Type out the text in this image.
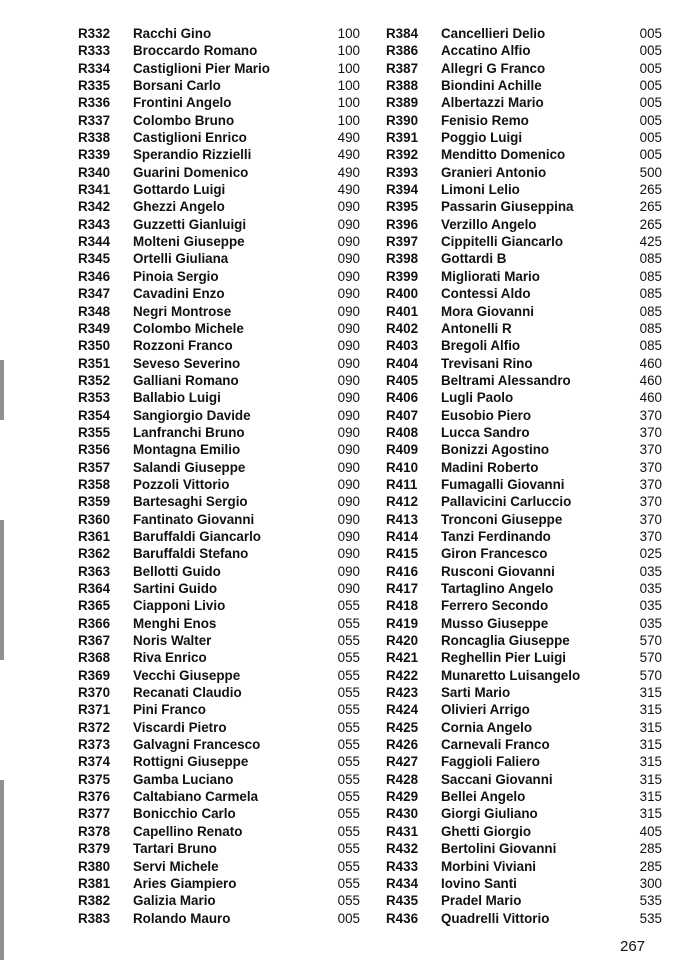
R332 Racchi Gino	100
R333 Broccardo Romano	100
R334 Castiglioni Pier Mario	100
R335 Borsani Carlo	100
R336 Frontini Angelo	100
R337 Colombo Bruno	100
R338 Castiglioni Enrico	490
R339 Sperandio Rizzielli	490
R340 Guarini Domenico	490
R341 Gottardo Luigi	490
R342 Ghezzi Angelo	090
R343 Guzzetti Gianluigi	090
R344 Molteni Giuseppe	090
R345 Ortelli Giuliana	090
R346 Pinoia Sergio	090
R347 Cavadini Enzo	090
R348 Negri Montrose	090
R349 Colombo Michele	090
R350 Rozzoni Franco	090
R351 Seveso Severino	090
R352 Galliani Romano	090
R353 Ballabio Luigi	090
R354 Sangiorgio Davide	090
R355 Lanfranchi Bruno	090
R356 Montagna Emilio	090
R357 Salandi Giuseppe	090
R358 Pozzoli Vittorio	090
R359 Bartesaghi Sergio	090
R360 Fantinato Giovanni	090
R361 Baruffaldi Giancarlo	090
R362 Baruffaldi Stefano	090
R363 Bellotti Guido	090
R364 Sartini Guido	090
R365 Ciapponi Livio	055
R366 Menghi Enos	055
R367 Noris Walter	055
R368 Riva Enrico	055
R369 Vecchi Giuseppe	055
R370 Recanati Claudio	055
R371 Pini Franco	055
R372 Viscardi Pietro	055
R373 Galvagni Francesco	055
R374 Rottigni Giuseppe	055
R375 Gamba Luciano	055
R376 Caltabiano Carmela	055
R377 Bonicchio Carlo	055
R378 Capellino Renato	055
R379 Tartari Bruno	055
R380 Servi Michele	055
R381 Aries Giampiero	055
R382 Galizia Mario	055
R383 Rolando Mauro	005
R384 Cancellieri Delio	005
R386 Accatino Alfio	005
R387 Allegri G Franco	005
R388 Biondini Achille	005
R389 Albertazzi Mario	005
R390 Fenisio Remo	005
R391 Poggio Luigi	005
R392 Menditto Domenico	005
R393 Granieri Antonio	500
R394 Limoni Lelio	265
R395 Passarin Giuseppina	265
R396 Verzillo Angelo	265
R397 Cippitelli Giancarlo	425
R398 Gottardi B	085
R399 Migliorati Mario	085
R400 Contessi Aldo	085
R401 Mora Giovanni	085
R402 Antonelli R	085
R403 Bregoli Alfio	085
R404 Trevisani Rino	460
R405 Beltrami Alessandro	460
R406 Lugli Paolo	460
R407 Eusobio Piero	370
R408 Lucca Sandro	370
R409 Bonizzi Agostino	370
R410 Madini Roberto	370
R411 Fumagalli Giovanni	370
R412 Pallavicini Carluccio	370
R413 Tronconi Giuseppe	370
R414 Tanzi Ferdinando	370
R415 Giron Francesco	025
R416 Rusconi Giovanni	035
R417 Tartaglino Angelo	035
R418 Ferrero Secondo	035
R419 Musso Giuseppe	035
R420 Roncaglia Giuseppe	570
R421 Reghellin Pier Luigi	570
R422 Munaretto Luisangelo	570
R423 Sarti Mario	315
R424 Olivieri Arrigo	315
R425 Cornia Angelo	315
R426 Carnevali Franco	315
R427 Faggioli Faliero	315
R428 Saccani Giovanni	315
R429 Bellei Angelo	315
R430 Giorgi Giuliano	315
R431 Ghetti Giorgio	405
R432 Bertolini Giovanni	285
R433 Morbini Viviani	285
R434 Iovino Santi	300
R435 Pradel Mario	535
R436 Quadrelli Vittorio	535
267
